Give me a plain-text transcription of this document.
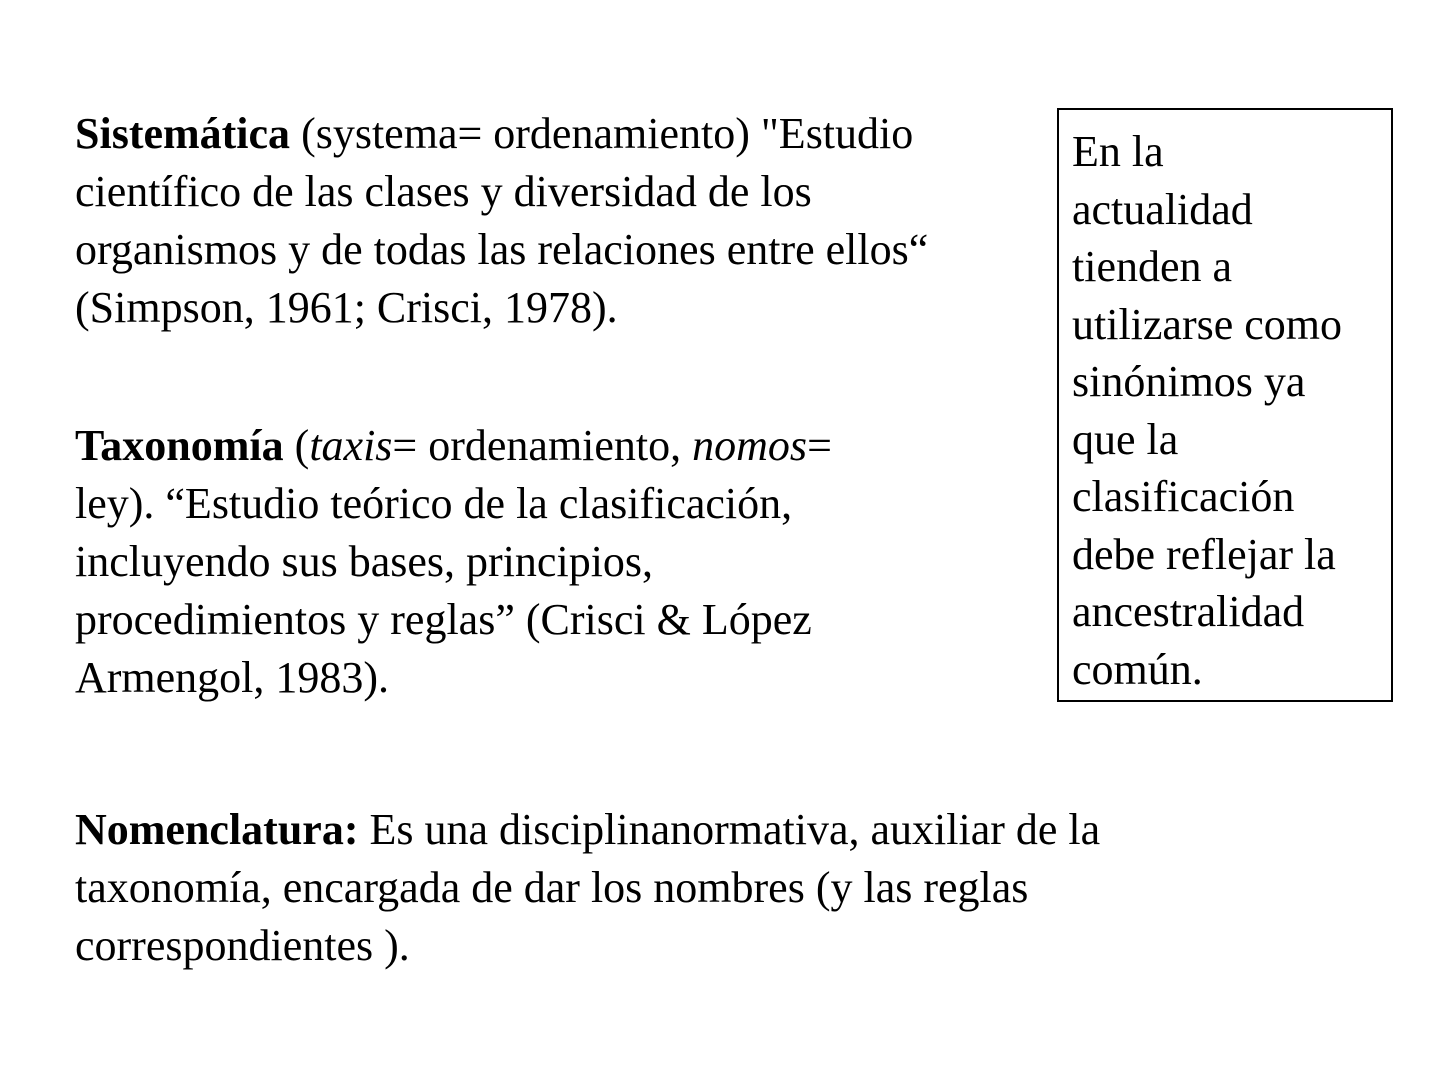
Sistemática (systema= ordenamiento) "Estudio
científico de las clases y diversidad de los
organismos y de todas las relaciones entre ellos“
(Simpson, 1961; Crisci, 1978).
Taxonomía (taxis= ordenamiento, nomos=
ley). “Estudio teórico de la clasificación,
incluyendo sus bases, principios,
procedimientos y reglas” (Crisci & López
Armengol, 1983).
Nomenclatura: Es una disciplinanormativa, auxiliar de la
taxonomía, encargada de dar los nombres (y las reglas
correspondientes ).
En la
actualidad
tienden a
utilizarse como
sinónimos ya
que la
clasificación
debe reflejar la
ancestralidad
común.
